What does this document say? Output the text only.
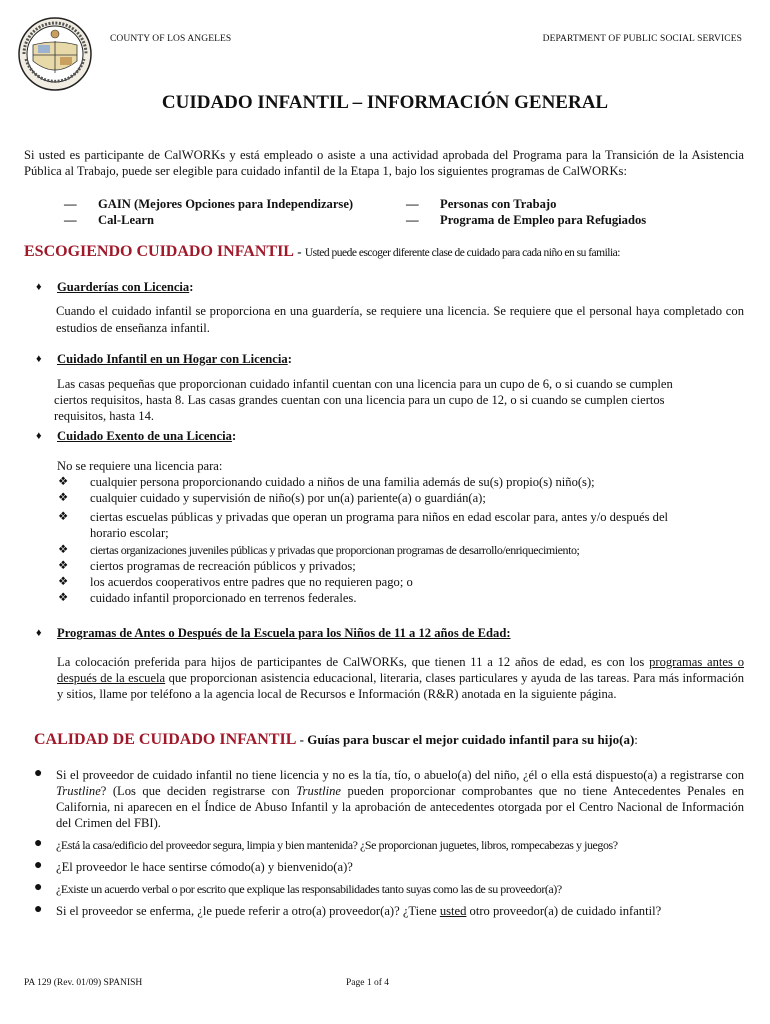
COUNTY OF LOS ANGELES	DEPARTMENT OF PUBLIC SOCIAL SERVICES
CUIDADO INFANTIL – INFORMACIÓN GENERAL
Si usted es participante de CalWORKs y está empleado o asiste a una actividad aprobada del Programa para la Transición de la Asistencia Pública al Trabajo, puede ser elegible para cuidado infantil de la Etapa 1, bajo los siguientes programas de CalWORKs:
— GAIN (Mejores Opciones para Independizarse)
— Cal-Learn
— Personas con Trabajo
— Programa de Empleo para Refugiados
ESCOGIENDO CUIDADO INFANTIL - Usted puede escoger diferente clase de cuidado para cada niño en su familia:
♦ Guarderías con Licencia:
Cuando el cuidado infantil se proporciona en una guardería, se requiere una licencia. Se requiere que el personal haya completado con estudios de enseñanza infantil.
♦ Cuidado Infantil en un Hogar con Licencia:
Las casas pequeñas que proporcionan cuidado infantil cuentan con una licencia para un cupo de 6, o si cuando se cumplen
ciertos requisitos, hasta 8. Las casas grandes cuentan con una licencia para un cupo de 12, o si cuando se cumplen ciertos
requisitos, hasta 14.
♦ Cuidado Exento de una Licencia:
No se requiere una licencia para:
❖ cualquier persona proporcionando cuidado a niños de una familia además de su(s) propio(s) niño(s);
❖ cualquier cuidado y supervisión de niño(s) por un(a) pariente(a) o guardián(a);
❖ ciertas escuelas públicas y privadas que operan un programa para niños en edad escolar para, antes y/o después del
horario escolar;
❖ ciertas organizaciones juveniles públicas y privadas que proporcionan programas de desarrollo/enriquecimiento;
❖ ciertos programas de recreación públicos y privados;
❖ los acuerdos cooperativos entre padres que no requieren pago; o
❖ cuidado infantil proporcionado en terrenos federales.
♦ Programas de Antes o Después de la Escuela para los Niños de 11 a 12 años de Edad:
La colocación preferida para hijos de participantes de CalWORKs, que tienen 11 a 12 años de edad, es con los programas antes o después de la escuela que proporcionan asistencia educacional, literaria, clases particulares y ayuda de las tareas. Para más información y sitios, llame por teléfono a la agencia local de Recursos e Información (R&R) anotada en la siguiente página.
CALIDAD DE CUIDADO INFANTIL - Guías para buscar el mejor cuidado infantil para su hijo(a):
● Si el proveedor de cuidado infantil no tiene licencia y no es la tía, tío, o abuelo(a) del niño, ¿él o ella está dispuesto(a) a registrarse con Trustline? (Los que deciden registrarse con Trustline pueden proporcionar comprobantes que no tiene Antecedentes Penales en California, ni aparecen en el Índice de Abuso Infantil y la aprobación de antecedentes otorgada por el Centro Nacional de Información del Crimen del FBI).
● ¿Está la casa/edificio del proveedor segura, limpia y bien mantenida? ¿Se proporcionan juguetes, libros, rompecabezas y juegos?
● ¿El proveedor le hace sentirse cómodo(a) y bienvenido(a)?
● ¿Existe un acuerdo verbal o por escrito que explique las responsabilidades tanto suyas como las de su proveedor(a)?
● Si el proveedor se enferma, ¿le puede referir a otro(a) proveedor(a)? ¿Tiene usted otro proveedor(a) de cuidado infantil?
PA 129 (Rev. 01/09) SPANISH	Page 1 of 4
